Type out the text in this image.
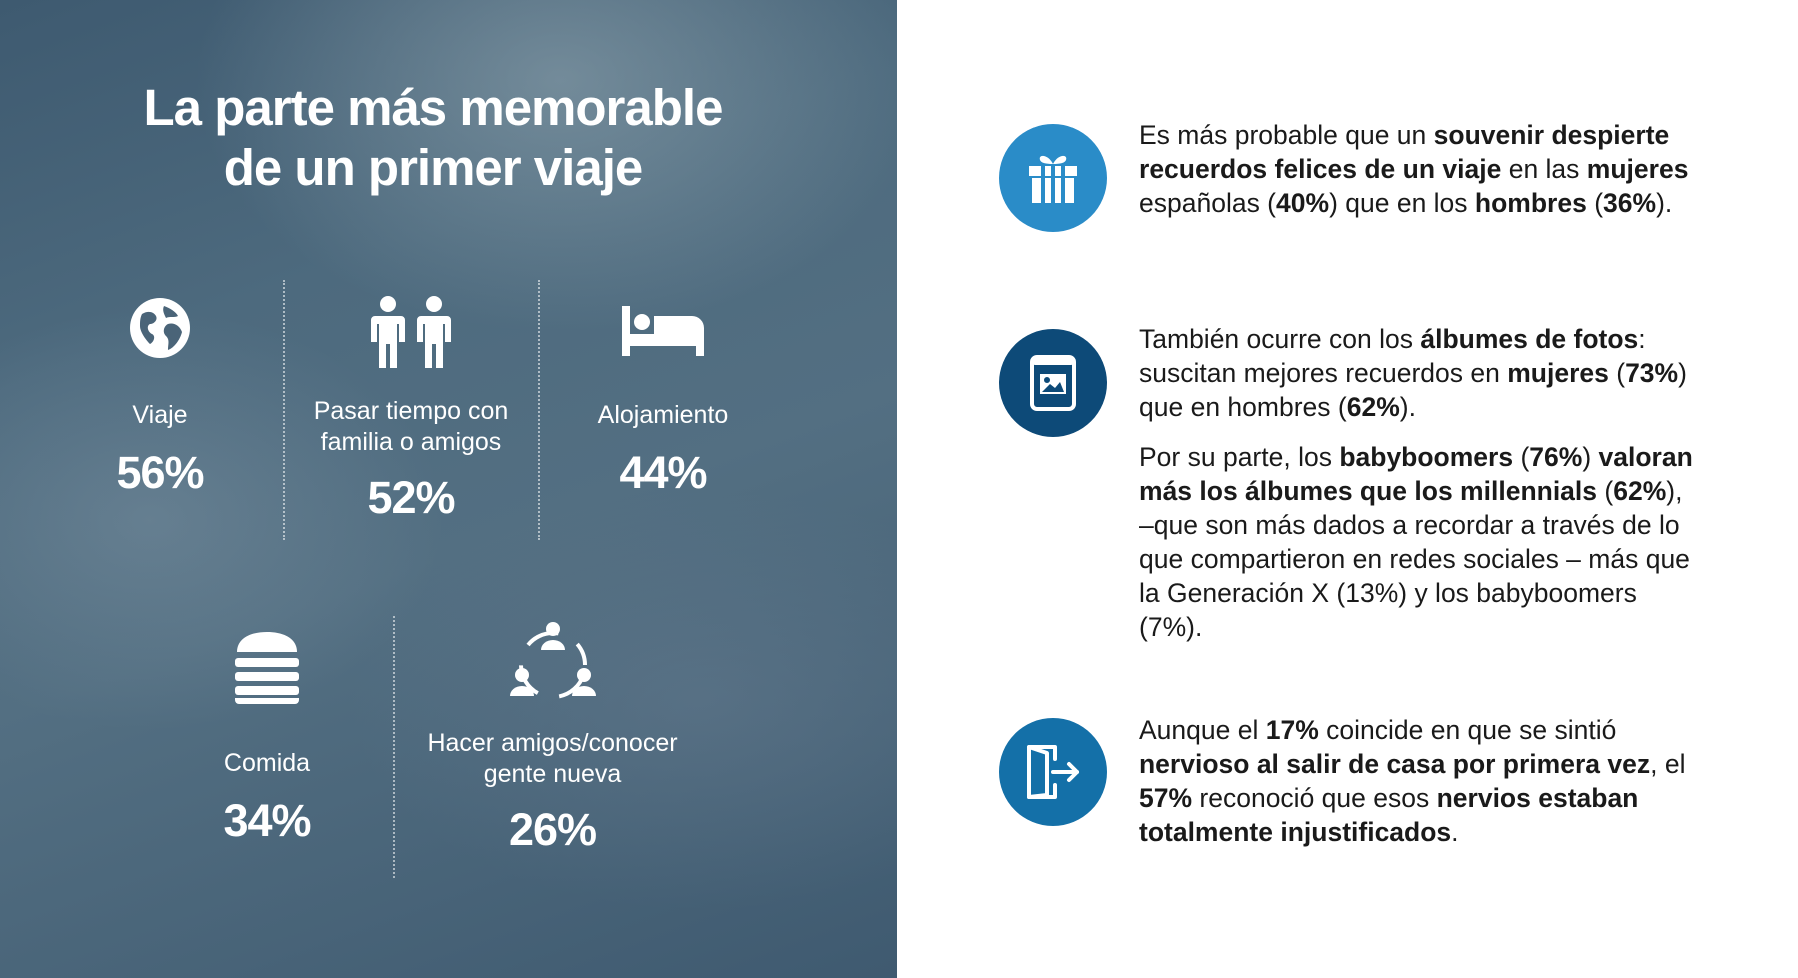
La parte más memorable
de un primer viaje
Viaje
56%
Pasar tiempo con
familia o amigos
52%
Alojamiento
44%
Comida
34%
Hacer amigos/conocer
gente nueva
26%
Es más probable que un souvenir despierte recuerdos felices de un viaje en las mujeres españolas (40%) que en los hombres (36%).
También ocurre con los álbumes de fotos: suscitan mejores recuerdos en mujeres (73%) que en hombres (62%).
Por su parte, los babyboomers (76%) valoran más los álbumes que los millennials (62%), –que son más dados a recordar a través de lo que compartieron en redes sociales – más que la Generación X (13%) y los babyboomers (7%).
Aunque el 17% coincide en que se sintió nervioso al salir de casa por primera vez, el 57% reconoció que esos nervios estaban totalmente injustificados.
